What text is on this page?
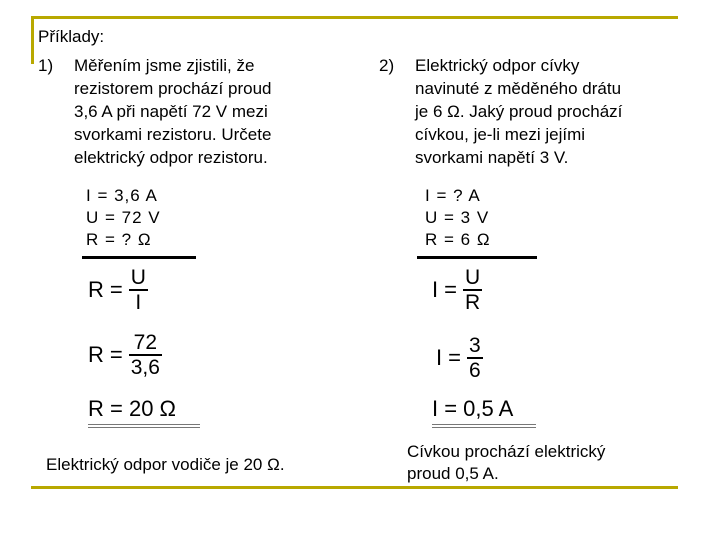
Příklady:
1) Měřením jsme zjistili, že
rezistorem prochází proud
3,6 A při napětí 72 V mezi
svorkami rezistoru. Určete
elektrický odpor rezistoru.
I = 3,6 A
U = 72 V
R = ? Ω
$R = \frac{U}{I}$
$R = \frac{72}{3,6}$
R = 20 Ω
Elektrický odpor vodiče je 20 Ω.
2) Elektrický odpor cívky
navinuté z měděného drátu
je 6 Ω. Jaký proud prochází
cívkou, je-li mezi jejími
svorkami napětí 3 V.
I = ? A
U = 3 V
R = 6 Ω
$I = \frac{U}{R}$
$I = \frac{3}{6}$
I = 0,5 A
Cívkou prochází elektrický
proud 0,5 A.
